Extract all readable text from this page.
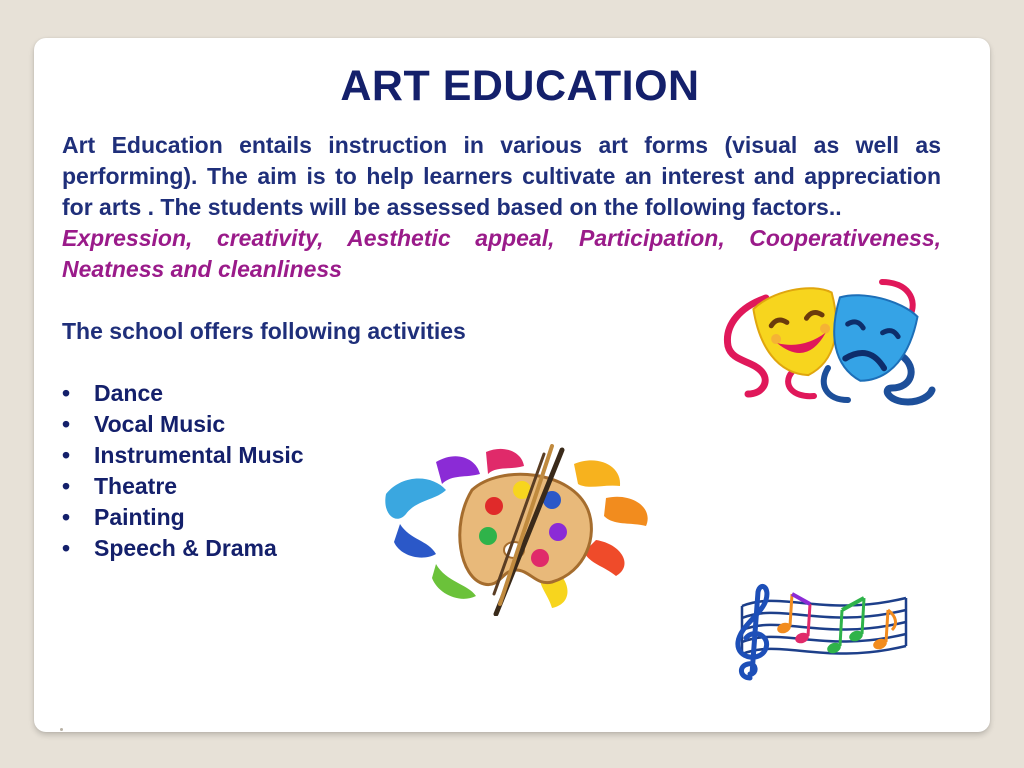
ART EDUCATION

Art Education entails instruction in various art forms (visual as well as performing). The aim is to help learners cultivate an interest and appreciation for arts . The students will be assessed based on the following factors..

Expression, creativity, Aesthetic appeal, Participation, Cooperativeness, Neatness and cleanliness

The school offers following activities

• Dance
• Vocal Music
• Instrumental Music
• Theatre
• Painting
• Speech & Drama
